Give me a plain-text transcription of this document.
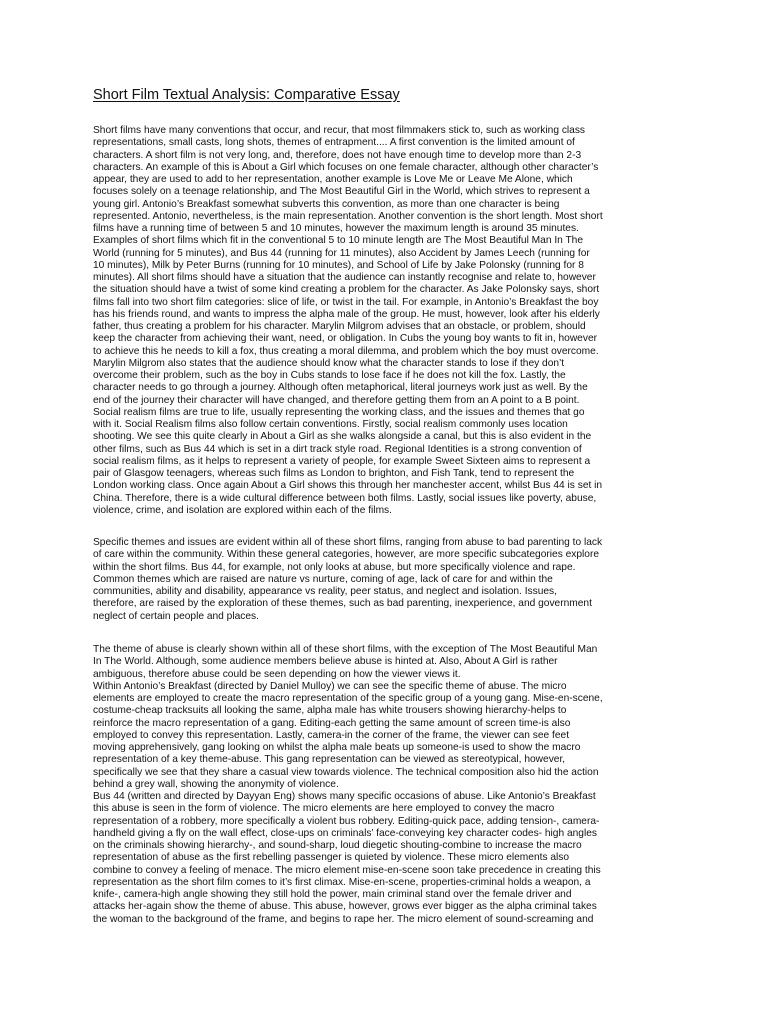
Short Film Textual Analysis: Comparative Essay
Short films have many conventions that occur, and recur, that most filmmakers stick to, such as working class
representations, small casts, long shots, themes of entrapment.... A first convention is the limited amount of
characters. A short film is not very long, and, therefore, does not have enough time to develop more than 2-3
characters. An example of this is About a Girl which focuses on one female character, although other character’s
appear, they are used to add to her representation, another example is Love Me or Leave Me Alone, which
focuses solely on a teenage relationship, and The Most Beautiful Girl in the World, which strives to represent a
young girl. Antonio’s Breakfast somewhat subverts this convention, as more than one character is being
represented. Antonio, nevertheless, is the main representation. Another convention is the short length. Most short
films have a running time of between 5 and 10 minutes, however the maximum length is around 35 minutes.
Examples of short films which fit in the conventional 5 to 10 minute length are The Most Beautiful Man In The
World (running for 5 minutes), and Bus 44 (running for 11 minutes), also Accident by James Leech (running for
10 minutes), Milk by Peter Burns (running for 10 minutes), and School of Life by Jake Polonsky (running for 8
minutes). All short films should have a situation that the audience can instantly recognise and relate to, however
the situation should have a twist of some kind creating a problem for the character. As Jake Polonsky says, short
films fall into two short film categories: slice of life, or twist in the tail. For example, in Antonio’s Breakfast the boy
has his friends round, and wants to impress the alpha male of the group. He must, however, look after his elderly
father, thus creating a problem for his character. Marylin Milgrom advises that an obstacle, or problem, should
keep the character from achieving their want, need, or obligation. In Cubs the young boy wants to fit in, however
to achieve this he needs to kill a fox, thus creating a moral dilemma, and problem which the boy must overcome.
Marylin Milgrom also states that the audience should know what the character stands to lose if they don’t
overcome their problem, such as the boy in Cubs stands to lose face if he does not kill the fox. Lastly, the
character needs to go through a journey. Although often metaphorical, literal journeys work just as well. By the
end of the journey their character will have changed, and therefore getting them from an A point to a B point.
Social realism films are true to life, usually representing the working class, and the issues and themes that go
with it. Social Realism films also follow certain conventions. Firstly, social realism commonly uses location
shooting. We see this quite clearly in About a Girl as she walks alongside a canal, but this is also evident in the
other films, such as Bus 44 which is set in a dirt track style road. Regional Identities is a strong convention of
social realism films, as it helps to represent a variety of people, for example Sweet Sixteen aims to represent a
pair of Glasgow teenagers, whereas such films as London to brighton, and Fish Tank, tend to represent the
London working class. Once again About a Girl shows this through her manchester accent, whilst Bus 44 is set in
China. Therefore, there is a wide cultural difference between both films. Lastly, social issues like poverty, abuse,
violence, crime, and isolation are explored within each of the films.
Specific themes and issues are evident within all of these short films, ranging from abuse to bad parenting to lack
of care within the community. Within these general categories, however, are more specific subcategories explore
within the short films. Bus 44, for example, not only looks at abuse, but more specifically violence and rape.
Common themes which are raised are nature vs nurture, coming of age, lack of care for and within the
communities, ability and disability, appearance vs reality, peer status, and neglect and isolation. Issues,
therefore, are raised by the exploration of these themes, such as bad parenting, inexperience, and government
neglect of certain people and places.
The theme of abuse is clearly shown within all of these short films, with the exception of The Most Beautiful Man
In The World. Although, some audience members believe abuse is hinted at. Also, About A Girl is rather
ambiguous, therefore abuse could be seen depending on how the viewer views it.
Within Antonio’s Breakfast (directed by Daniel Mulloy) we can see the specific theme of abuse. The micro
elements are employed to create the macro representation of the specific group of a young gang. Mise-en-scene,
costume-cheap tracksuits all looking the same, alpha male has white trousers showing hierarchy-helps to
reinforce the macro representation of a gang. Editing-each getting the same amount of screen time-is also
employed to convey this representation. Lastly, camera-in the corner of the frame, the viewer can see feet
moving apprehensively, gang looking on whilst the alpha male beats up someone-is used to show the macro
representation of a key theme-abuse. This gang representation can be viewed as stereotypical, however,
specifically we see that they share a casual view towards violence. The technical composition also hid the action
behind a grey wall, showing the anonymity of violence.
Bus 44 (written and directed by Dayyan Eng) shows many specific occasions of abuse. Like Antonio’s Breakfast
this abuse is seen in the form of violence. The micro elements are here employed to convey the macro
representation of a robbery, more specifically a violent bus robbery. Editing-quick pace, adding tension-, camera-
handheld giving a fly on the wall effect, close-ups on criminals’ face-conveying key character codes- high angles
on the criminals showing hierarchy-, and sound-sharp, loud diegetic shouting-combine to increase the macro
representation of abuse as the first rebelling passenger is quieted by violence. These micro elements also
combine to convey a feeling of menace. The micro element mise-en-scene soon take precedence in creating this
representation as the short film comes to it’s first climax. Mise-en-scene, properties-criminal holds a weapon, a
knife-, camera-high angle showing they still hold the power, main criminal stand over the female driver and
attacks her-again show the theme of abuse. This abuse, however, grows ever bigger as the alpha criminal takes
the woman to the background of the frame, and begins to rape her. The micro element of sound-screaming and
